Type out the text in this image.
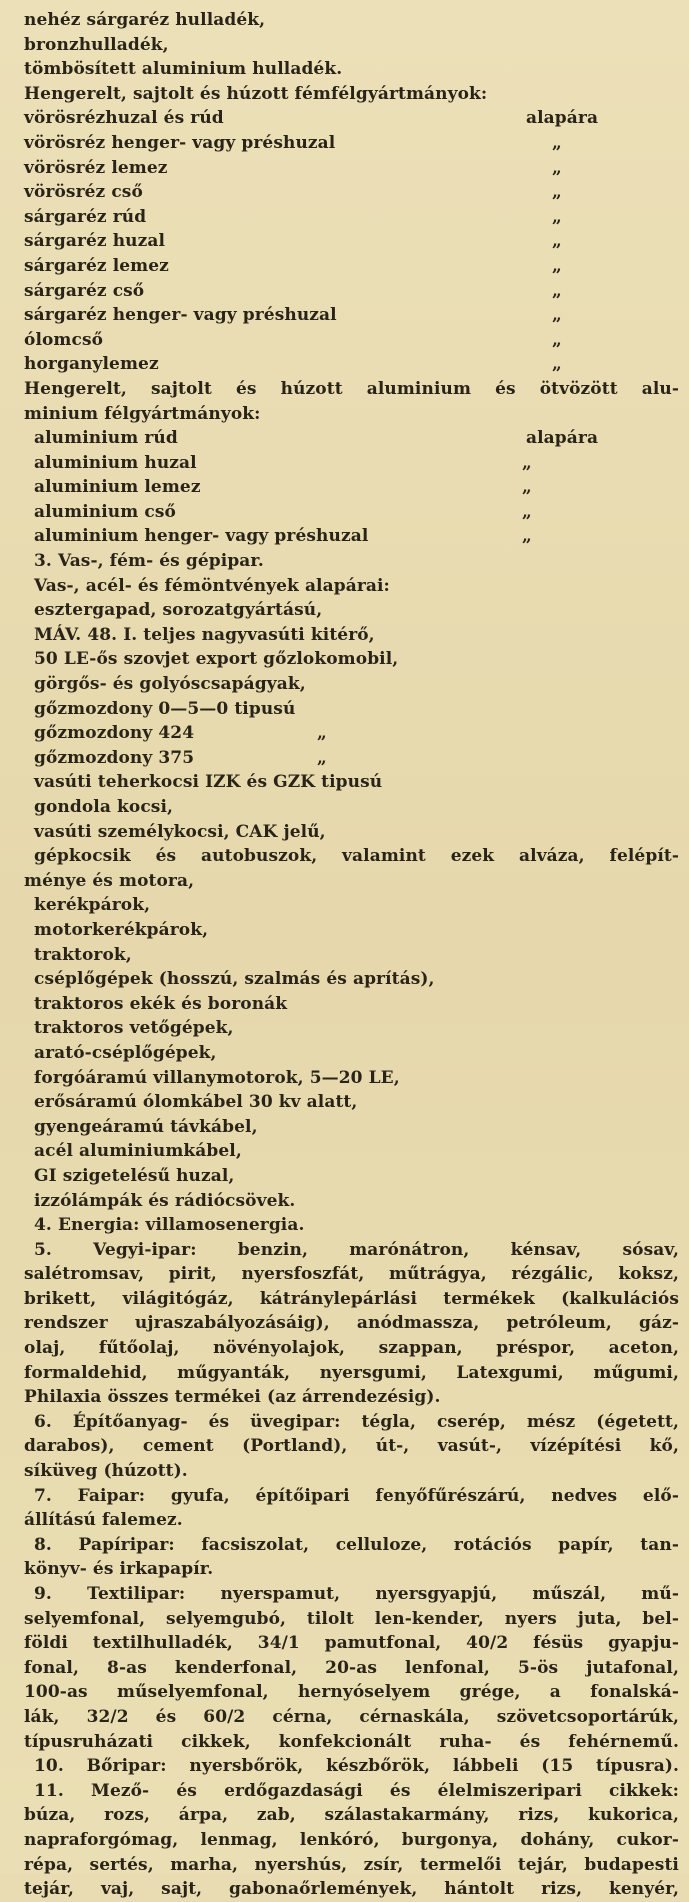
nehéz sárgaréz hulladék,
bronzhulladék,
tömbösített aluminium hulladék.
Hengerelt, sajtolt és húzott fémfélgyártmányok:
vörösrézhuzal és rúd	alapára
vörösréz henger- vagy préshuzal	„
vörösréz lemez	„
vörösréz cső	„
sárgaréz rúd	„
sárgaréz huzal	„
sárgaréz lemez	„
sárgaréz cső	„
sárgaréz henger- vagy préshuzal	„
ólomcső	„
horganylemez	„
Hengerelt, sajtolt és húzott aluminium és ötvözött alu-
minium félgyártmányok:
aluminium rúd	alapára
aluminium huzal	„
aluminium lemez	„
aluminium cső	„
aluminium henger- vagy préshuzal	„
3. Vas-, fém- és gépipar.
Vas-, acél- és fémöntvények alapárai:
esztergapad, sorozatgyártású,
MÁV. 48. I. teljes nagyvasúti kitérő,
50 LE-ős szovjet export gőzlokomobil,
görgős- és golyóscsapágyak,
gőzmozdony 0—5—0 tipusú
gőzmozdony 424	„
gőzmozdony 375	„
vasúti teherkocsi IZK és GZK tipusú
gondola kocsi,
vasúti személykocsi, CAK jelű,
gépkocsik és autobuszok, valamint ezek alváza, felépít-
ménye és motora,
kerékpárok,
motorkerékpárok,
traktorok,
cséplőgépek (hosszú, szalmás és aprítás),
traktoros ekék és boronák
traktoros vetőgépek,
arató-cséplőgépek,
forgóáramú villanymotorok, 5—20 LE,
erősáramú ólomkábel 30 kv alatt,
gyengeáramú távkábel,
acél aluminiumkábel,
GI szigetelésű huzal,
izzólámpák és rádiócsövek.
4. Energia: villamosenergia.
5. Vegyi-ipar: benzin, marónátron, kénsav, sósav,
salétromsav, pirit, nyersfoszfát, műtrágya, rézgálic, koksz,
brikett, világitógáz, kátránylepárlási termékek (kalkulációs
rendszer ujraszabályozásáig), anódmassza, petróleum, gáz-
olaj, fűtőolaj, növényolajok, szappan, préspor, aceton,
formaldehid, műgyanták, nyersgumi, Latexgumi, műgumi,
Philaxia összes termékei (az árrendezésig).
6. Építőanyag- és üvegipar: tégla, cserép, mész (égetett,
darabos), cement (Portland), út-, vasút-, vízépítési kő,
síküveg (húzott).
7. Faipar: gyufa, építőipari fenyőfűrészárú, nedves elő-
állítású falemez.
8. Papíripar: facsiszolat, celluloze, rotációs papír, tan-
könyv- és irkapapír.
9. Textilipar: nyerspamut, nyersgyapjú, műszál, mű-
selyemfonal, selyemgubó, tilolt len-kender, nyers juta, bel-
földi textilhulladék, 34/1 pamutfonal, 40/2 fésüs gyapju-
fonal, 8-as kenderfonal, 20-as lenfonal, 5-ös jutafonal,
100-as műselyemfonal, hernyóselyem grége, a fonalská-
lák, 32/2 és 60/2 cérna, cérnaskála, szövetcsoportárúk,
típusruházati cikkek, konfekcionált ruha- és fehérnemű.
10. Bőripar: nyersbőrök, készbőrök, lábbeli (15 típusra).
11. Mező- és erdőgazdasági és élelmiszeripari cikkek:
búza, rozs, árpa, zab, szálastakarmány, rizs, kukorica,
napraforgómag, lenmag, lenkóró, burgonya, dohány, cukor-
répa, sertés, marha, nyershús, zsír, termelői tejár, budapesti
tejár, vaj, sajt, gabonaőrlemények, hántolt rizs, kenyér,
